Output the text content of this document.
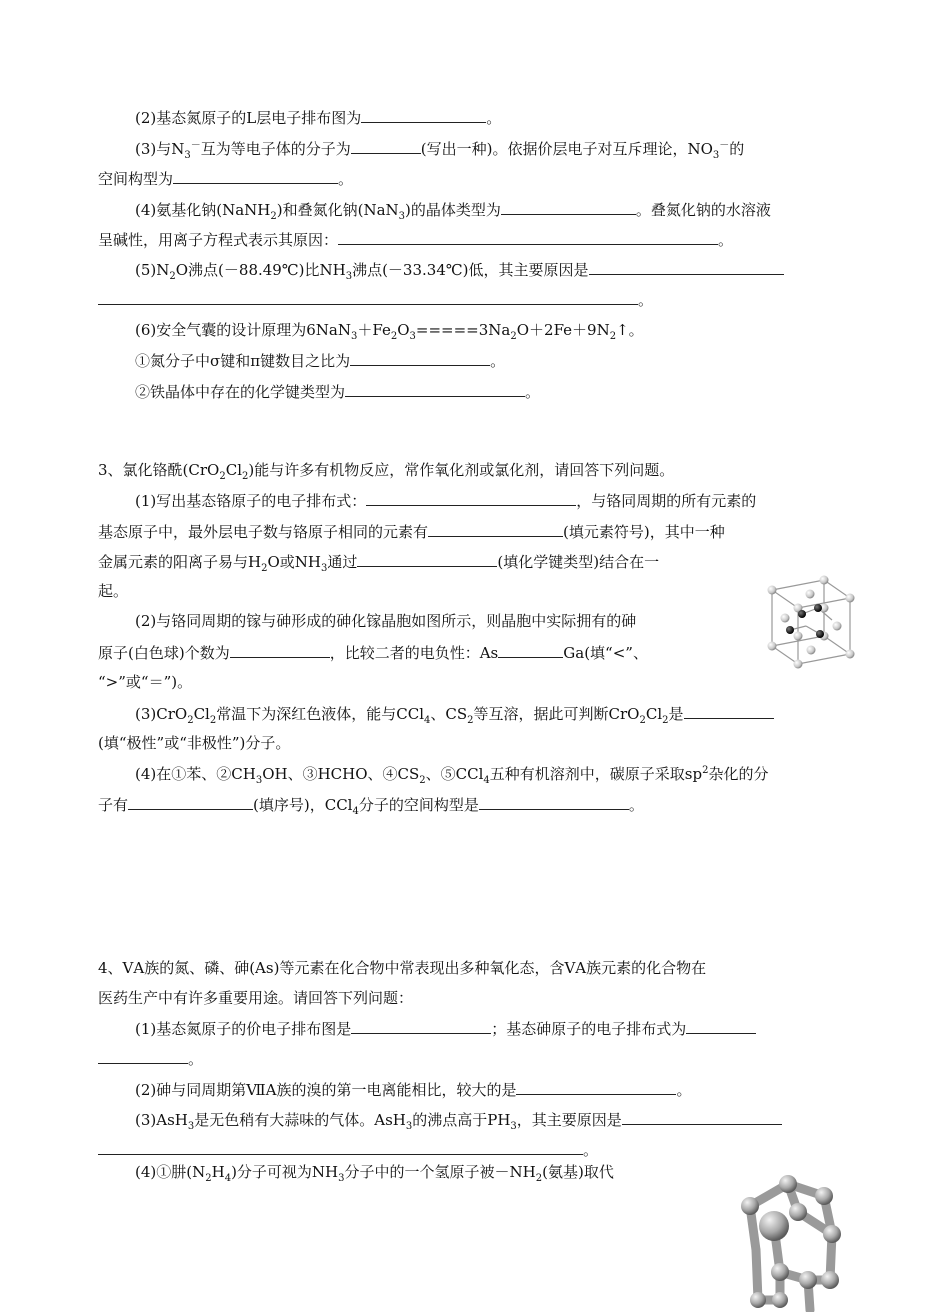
(2)基态氮原子的L层电子排布图为	。
(3)与$N_3^-$互为等电子体的分子为	(写出一种)。依据价层电子对互斥理论，$NO_3^-$的
空间构型为	。
(4)氨基化钠(NaNH$_2$)和叠氮化钠(NaN$_3$)的晶体类型为	。叠氮化钠的水溶液
呈碱性，用离子方程式表示其原因：	。
$(5)N_2O$沸点(－88.49℃)比$NH_3$沸点(－33.34℃)低，其主要原因是
。
(6)安全气囊的设计原理为$6NaN_3+Fe_2O_3=====3Na_2O+2Fe+9N_2↑$。
①氮分子中σ键和π键数目之比为	。
②铁晶体中存在的化学键类型为	。
3、氯化铬酰$(CrO_2Cl_2)$能与许多有机物反应，常作氧化剂或氯化剂，请回答下列问题。
(1)写出基态铬原子的电子排布式：	，与铬同周期的所有元素的
基态原子中，最外层电子数与铬原子相同的元素有	(填元素符号)，其中一种
金属元素的阳离子易与$H_2O$或$NH_3$通过	(填化学键类型)结合在一
起。
(2)与铬同周期的镓与砷形成的砷化镓晶胞如图所示，则晶胞中实际拥有的砷
原子(白色球)个数为	，比较二者的电负性：As	Ga(填“<”、
“>”或“＝”)。
$(3)CrO_2Cl_2$常温下为深红色液体，能与CCl$_4$、$CS_2$等互溶，据此可判断$CrO_2Cl_2$是
(填“极性”或“非极性”)分子。
(4)在①苯、$②CH_3OH$、③HCHO、$④CS_2$、⑤CCl$_4$五种有机溶剂中，碳原子采取$sp^2$杂化的分
子有	(填序号)，CCl$_4$分子的空间构型是	。
4、ⅤA族的氮、磷、砷(As)等元素在化合物中常表现出多种氧化态，含ⅤA族元素的化合物在
医药生产中有许多重要用途。请回答下列问题：
(1)基态氮原子的价电子排布图是	；基态砷原子的电子排布式为
。
(2)砷与同周期第ⅦA族的溴的第一电离能相比，较大的是	。
(3)AsH$_3$是无色稍有大蒜味的气体。AsH$_3$的沸点高于$PH_3$，其主要原因是
。
(4)①肼$(N_2H_4)$分子可视为$NH_3$分子中的一个氢原子被$-NH_2$(氨基)取代
